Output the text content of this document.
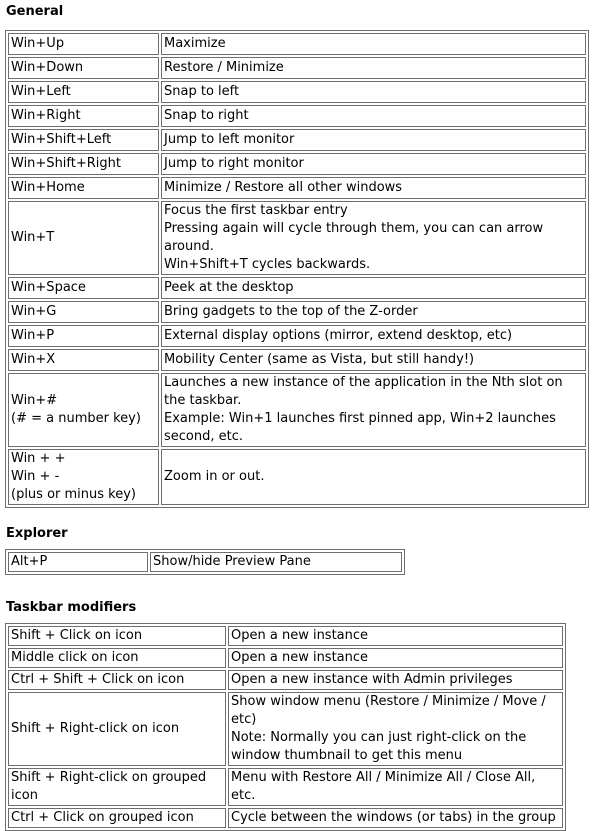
General
Win+Up	Maximize

Win+Down	Restore / Minimize

Win+Left	Snap to left

Win+Right	Snap to right

Win+Shift+Left	Jump to left monitor

Win+Shift+Right	Jump to right monitor

Win+Home	Minimize / Restore all other windows

Win+T	Focus the first taskbar entry
Pressing again will cycle through them, you can can arrow around.
Win+Shift+T cycles backwards.

Win+Space	Peek at the desktop

Win+G	Bring gadgets to the top of the Z-order

Win+P	External display options (mirror, extend desktop, etc)

Win+X	Mobility Center (same as Vista, but still handy!)

Win+#
(# = a number key)	Launches a new instance of the application in the Nth slot on the taskbar.
Example: Win+1 launches first pinned app, Win+2 launches second, etc.

Win + +
Win + -
(plus or minus key)	Zoom in or out.
Explorer
Alt+P	Show/hide Preview Pane
Taskbar modifiers
Shift + Click on icon	Open a new instance

Middle click on icon	Open a new instance

Ctrl + Shift + Click on icon	Open a new instance with Admin privileges

Shift + Right-click on icon	Show window menu (Restore / Minimize / Move / etc)
Note: Normally you can just right-click on the window thumbnail to get this menu

Shift + Right-click on grouped icon	Menu with Restore All / Minimize All / Close All, etc.

Ctrl + Click on grouped icon	Cycle between the windows (or tabs) in the group
